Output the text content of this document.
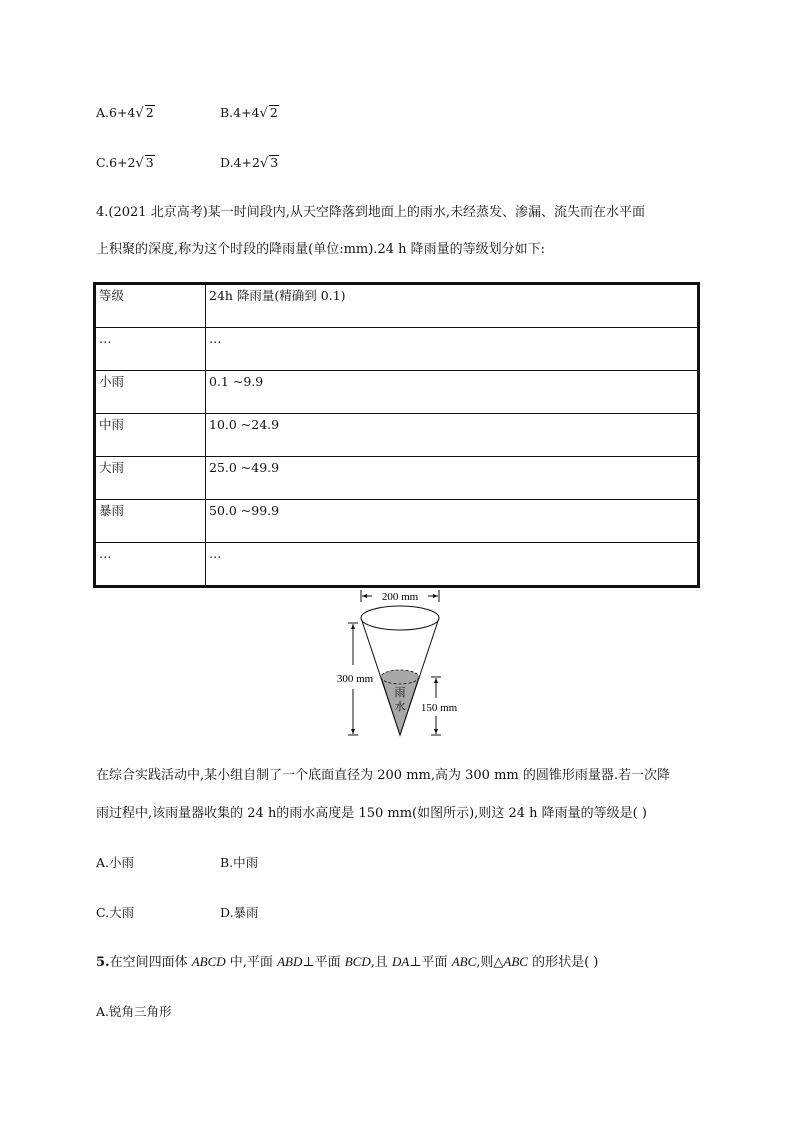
A.6+4√ 2	B.4+4√ 2
C.6+2√ 3	D.4+2√ 3
4.(2021 北京高考)某一时间段内,从天空降落到地面上的雨水,未经蒸发、渗漏、流失而在水平面
上积聚的深度,称为这个时段的降雨量(单位:mm).24 h 降雨量的等级划分如下:
等级	24h 降雨量(精确到 0.1)
…	…
小雨	0.1 ~9.9
中雨	10.0 ~24.9
大雨	25.0 ~49.9
暴雨	50.0 ~99.9
…	…
200 mm
雨
水
300 mm
150 mm
在综合实践活动中,某小组自制了一个底面直径为 200 mm,高为 300 mm 的圆锥形雨量器.若一次降
雨过程中,该雨量器收集的 24 h的雨水高度是 150 mm(如图所示),则这 24 h 降雨量的等级是( )
A.小雨	B.中雨
C.大雨	D.暴雨
5.在空间四面体 ABCD 中,平面 ABD⊥平面 BCD,且 DA⊥平面 ABC,则△ABC 的形状是( )
A.锐角三角形
